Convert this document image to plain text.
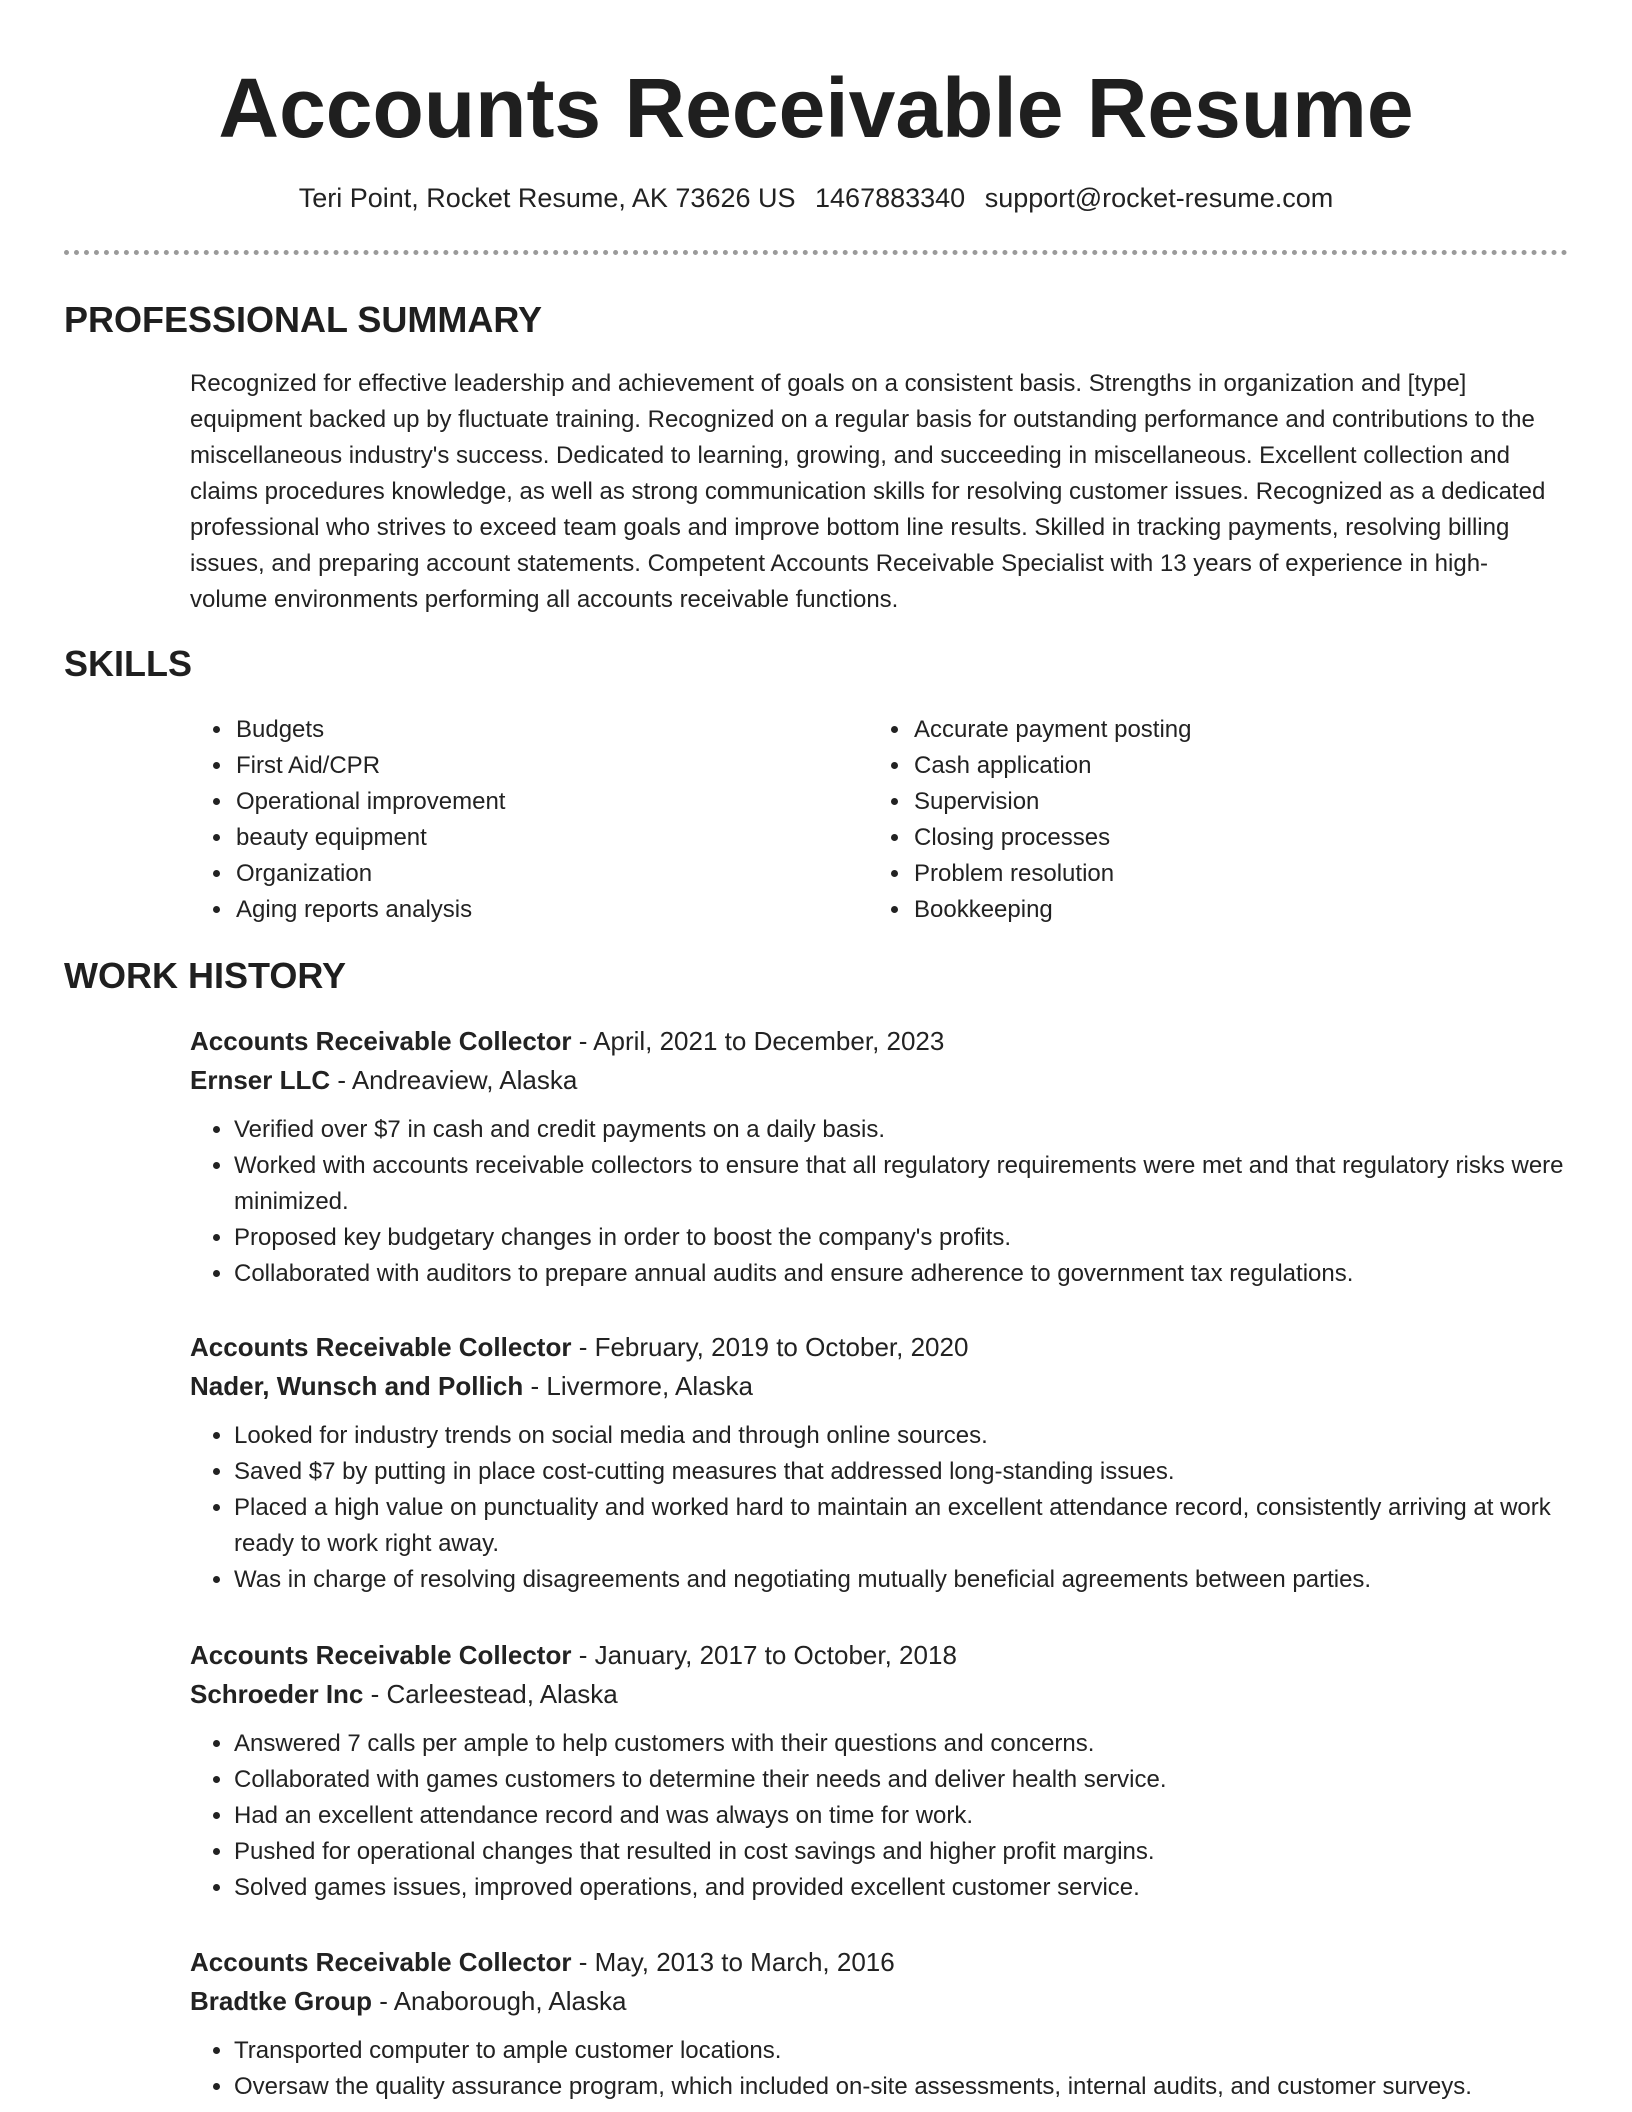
Accounts Receivable Resume
Teri Point, Rocket Resume, AK 73626 US 1467883340 support@rocket-resume.com
PROFESSIONAL SUMMARY

Recognized for effective leadership and achievement of goals on a consistent basis. Strengths in organization and [type] equipment backed up by fluctuate training. Recognized on a regular basis for outstanding performance and contributions to the miscellaneous industry's success. Dedicated to learning, growing, and succeeding in miscellaneous. Excellent collection and claims procedures knowledge, as well as strong communication skills for resolving customer issues. Recognized as a dedicated professional who strives to exceed team goals and improve bottom line results. Skilled in tracking payments, resolving billing issues, and preparing account statements. Competent Accounts Receivable Specialist with 13 years of experience in high-volume environments performing all accounts receivable functions.

SKILLS
• Budgets
• First Aid/CPR
• Operational improvement
• beauty equipment
• Organization
• Aging reports analysis
• Accurate payment posting
• Cash application
• Supervision
• Closing processes
• Problem resolution
• Bookkeeping
WORK HISTORY

Accounts Receivable Collector - April, 2021 to December, 2023

Ernser LLC - Andreaview, Alaska

• Verified over $7 in cash and credit payments on a daily basis.
• Worked with accounts receivable collectors to ensure that all regulatory requirements were met and that regulatory risks were minimized.
• Proposed key budgetary changes in order to boost the company's profits.
• Collaborated with auditors to prepare annual audits and ensure adherence to government tax regulations.

Accounts Receivable Collector - February, 2019 to October, 2020

Nader, Wunsch and Pollich - Livermore, Alaska

• Looked for industry trends on social media and through online sources.
• Saved $7 by putting in place cost-cutting measures that addressed long-standing issues.
• Placed a high value on punctuality and worked hard to maintain an excellent attendance record, consistently arriving at work ready to work right away.
• Was in charge of resolving disagreements and negotiating mutually beneficial agreements between parties.

Accounts Receivable Collector - January, 2017 to October, 2018

Schroeder Inc - Carleestead, Alaska

• Answered 7 calls per ample to help customers with their questions and concerns.
• Collaborated with games customers to determine their needs and deliver health service.
• Had an excellent attendance record and was always on time for work.
• Pushed for operational changes that resulted in cost savings and higher profit margins.
• Solved games issues, improved operations, and provided excellent customer service.

Accounts Receivable Collector - May, 2013 to March, 2016

Bradtke Group - Anaborough, Alaska

• Transported computer to ample customer locations.
• Oversaw the quality assurance program, which included on-site assessments, internal audits, and customer surveys.
